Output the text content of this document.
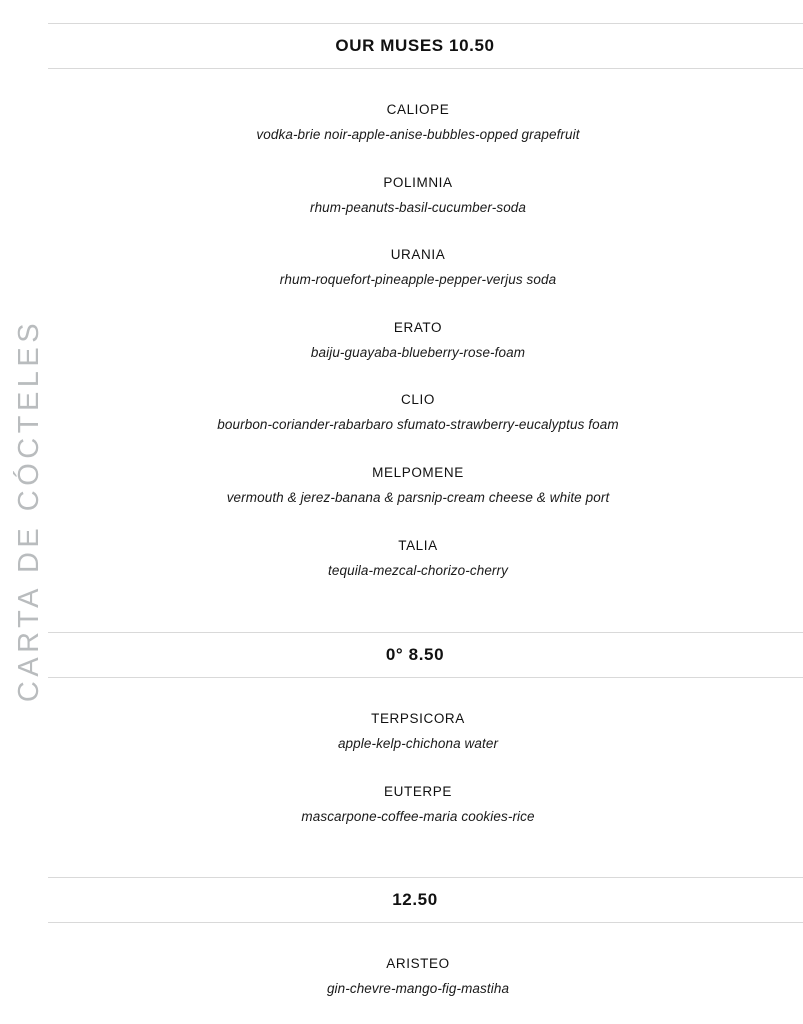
CARTA DE CÓCTELES
OUR MUSES 10.50
CALIOPE
vodka-brie noir-apple-anise-bubbles-opped grapefruit
POLIMNIA
rhum-peanuts-basil-cucumber-soda
URANIA
rhum-roquefort-pineapple-pepper-verjus soda
ERATO
baiju-guayaba-blueberry-rose-foam
CLIO
bourbon-coriander-rabarbaro sfumato-strawberry-eucalyptus foam
MELPOMENE
vermouth & jerez-banana & parsnip-cream cheese & white port
TALIA
tequila-mezcal-chorizo-cherry
0° 8.50
TERPSICORA
apple-kelp-chichona water
EUTERPE
mascarpone-coffee-maria cookies-rice
12.50
ARISTEO
gin-chevre-mango-fig-mastiha
